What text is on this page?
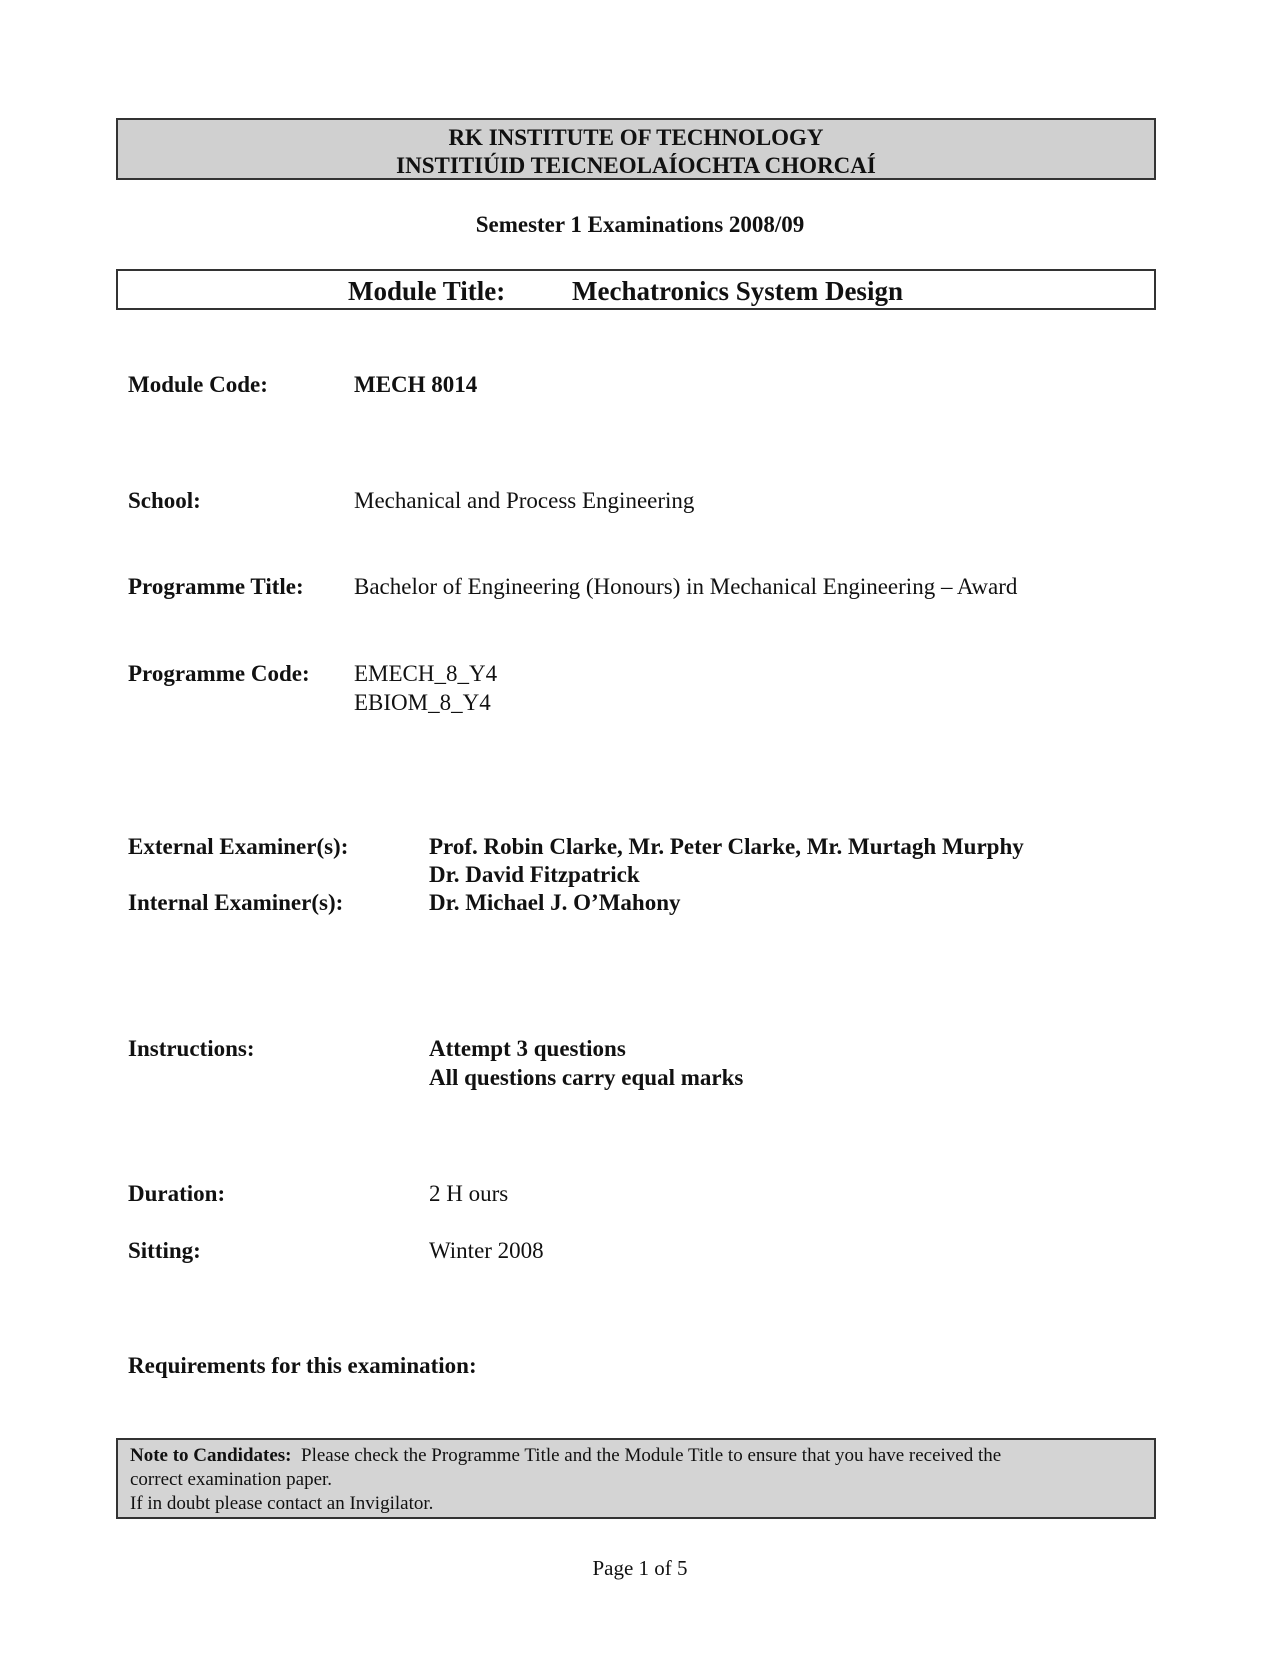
RK INSTITUTE OF TECHNOLOGY
INSTITIÚID TEICNEOLAÍOCHTA CHORCAÍ
Semester 1 Examinations 2008/09
Module Title: Mechatronics System Design
Module Code:	MECH 8014
School:	Mechanical and Process Engineering
Programme Title: Bachelor of Engineering (Honours) in Mechanical Engineering – Award
Programme Code: EMECH_8_Y4
EBIOM_8_Y4
External Examiner(s):	Prof. Robin Clarke, Mr. Peter Clarke, Mr. Murtagh Murphy
Dr. David Fitzpatrick
Internal Examiner(s):	Dr. Michael J. O’Mahony
Instructions:	Attempt 3 questions
All questions carry equal marks
Duration:	2 H ours
Sitting:	Winter 2008
Requirements for this examination:
Note to Candidates: Please check the Programme Title and the Module Title to ensure that you have received the
correct examination paper.
If in doubt please contact an Invigilator.
Page 1 of 5
